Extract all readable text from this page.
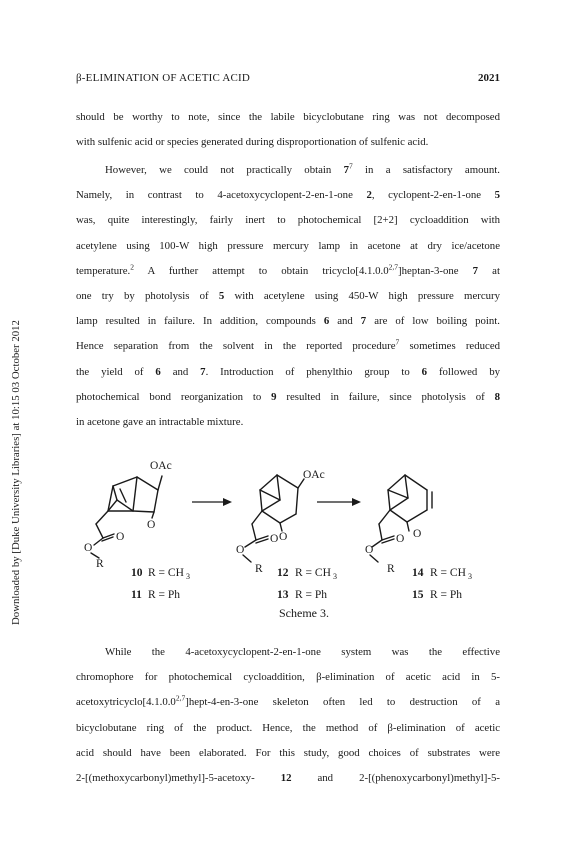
Downloaded by [Duke University Libraries] at 10:15 03 October 2012
β-ELIMINATION OF ACETIC ACID	2021
should be worthy to note, since the labile bicyclobutane ring was not decomposed
with sulfenic acid or species generated during disproportionation of sulfenic acid.
However, we could not practically obtain $7^7$ in a satisfactory amount.
Namely, in contrast to 4-acetoxycyclopent-2-en-1-one 2, cyclopent-2-en-1-one 5
was, quite interestingly, fairly inert to photochemical [2+2] cycloaddition with
acetylene using 100-W high pressure mercury lamp in acetone at dry ice/acetone
temperature.$^2$ A further attempt to obtain tricyclo[4.1.0.0$^{2,7}$]heptan-3-one 7 at
one try by photolysis of 5 with acetylene using 450-W high pressure mercury
lamp resulted in failure. In addition, compounds 6 and 7 are of low boiling point.
Hence separation from the solvent in the reported procedure$^7$ sometimes reduced
the yield of 6 and 7. Introduction of phenylthio group to 6 followed by
photochemical bond reorganization to 9 resulted in failure, since photolysis of 8
in acetone gave an intractable mixture.
OAc
OAc
O
O
O
R
O
O
O
R
O
O
O
R
10 R = CH 3
11 R = Ph
12 R = CH 3
13 R = Ph
14 R = CH 3
15 R = Ph
Scheme 3.
While the 4-acetoxycyclopent-2-en-1-one system was the effective
chromophore for photochemical cycloaddition, β-elimination of acetic acid in 5-
acetoxytricyclo[4.1.0.0$^{2,7}$]hept-4-en-3-one skeleton often led to destruction of a
bicyclobutane ring of the product. Hence, the method of β-elimination of acetic
acid should have been elaborated. For this study, good choices of substrates were
2-[(methoxycarbonyl)methyl]-5-acetoxy- 12 and 2-[(phenoxycarbonyl)methyl]-5-
